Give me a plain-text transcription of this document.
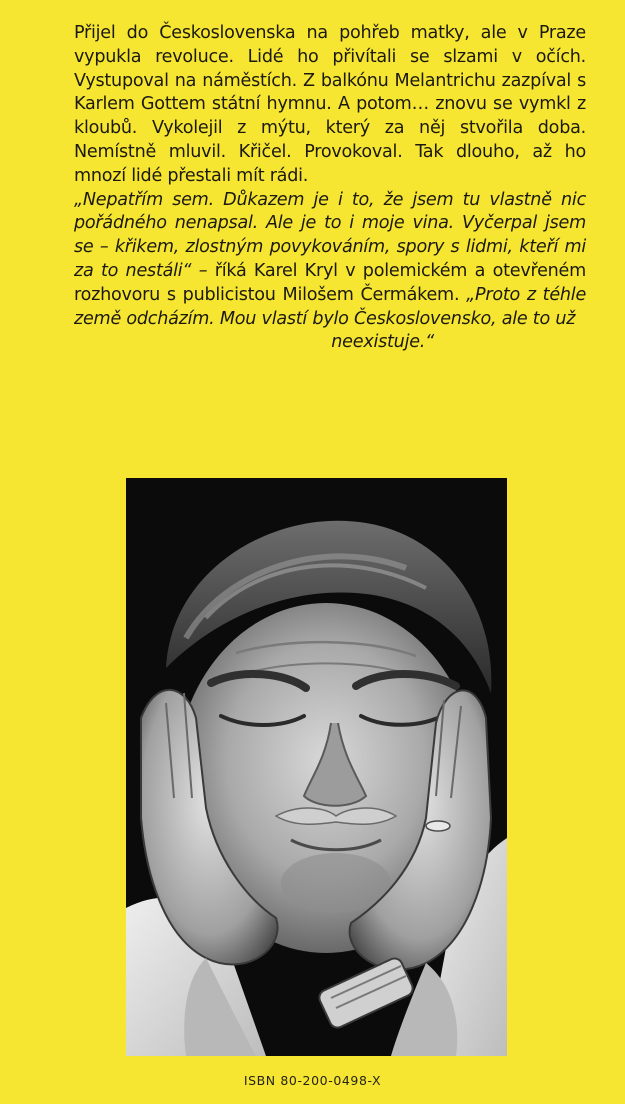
Přijel do Československa na pohřeb matky, ale v Praze vypukla revoluce. Lidé ho přivítali se slzami v očích. Vystupoval na náměstích. Z balkónu Melantrichu zazpíval s Karlem Gottem státní hymnu. A potom… znovu se vymkl z kloubů. Vykolejil z mýtu, který za něj stvořila doba. Nemístně mluvil. Křičel. Provokoval. Tak dlouho, až ho mnozí lidé přestali mít rádi.

„Nepatřím sem. Důkazem je i to, že jsem tu vlastně nic pořádného nenapsal. Ale je to i moje vina. Vyčerpal jsem se – křikem, zlostným povykováním, spory s lidmi, kteří mi za to nestáli“ – říká Karel Kryl v polemickém a otevřeném rozhovoru s publicistou Milošem Čermákem. „Proto z téhle země odcházím. Mou vlastí bylo Československo, ale to už
neexistuje.“

ISBN 80-200-0498-X
